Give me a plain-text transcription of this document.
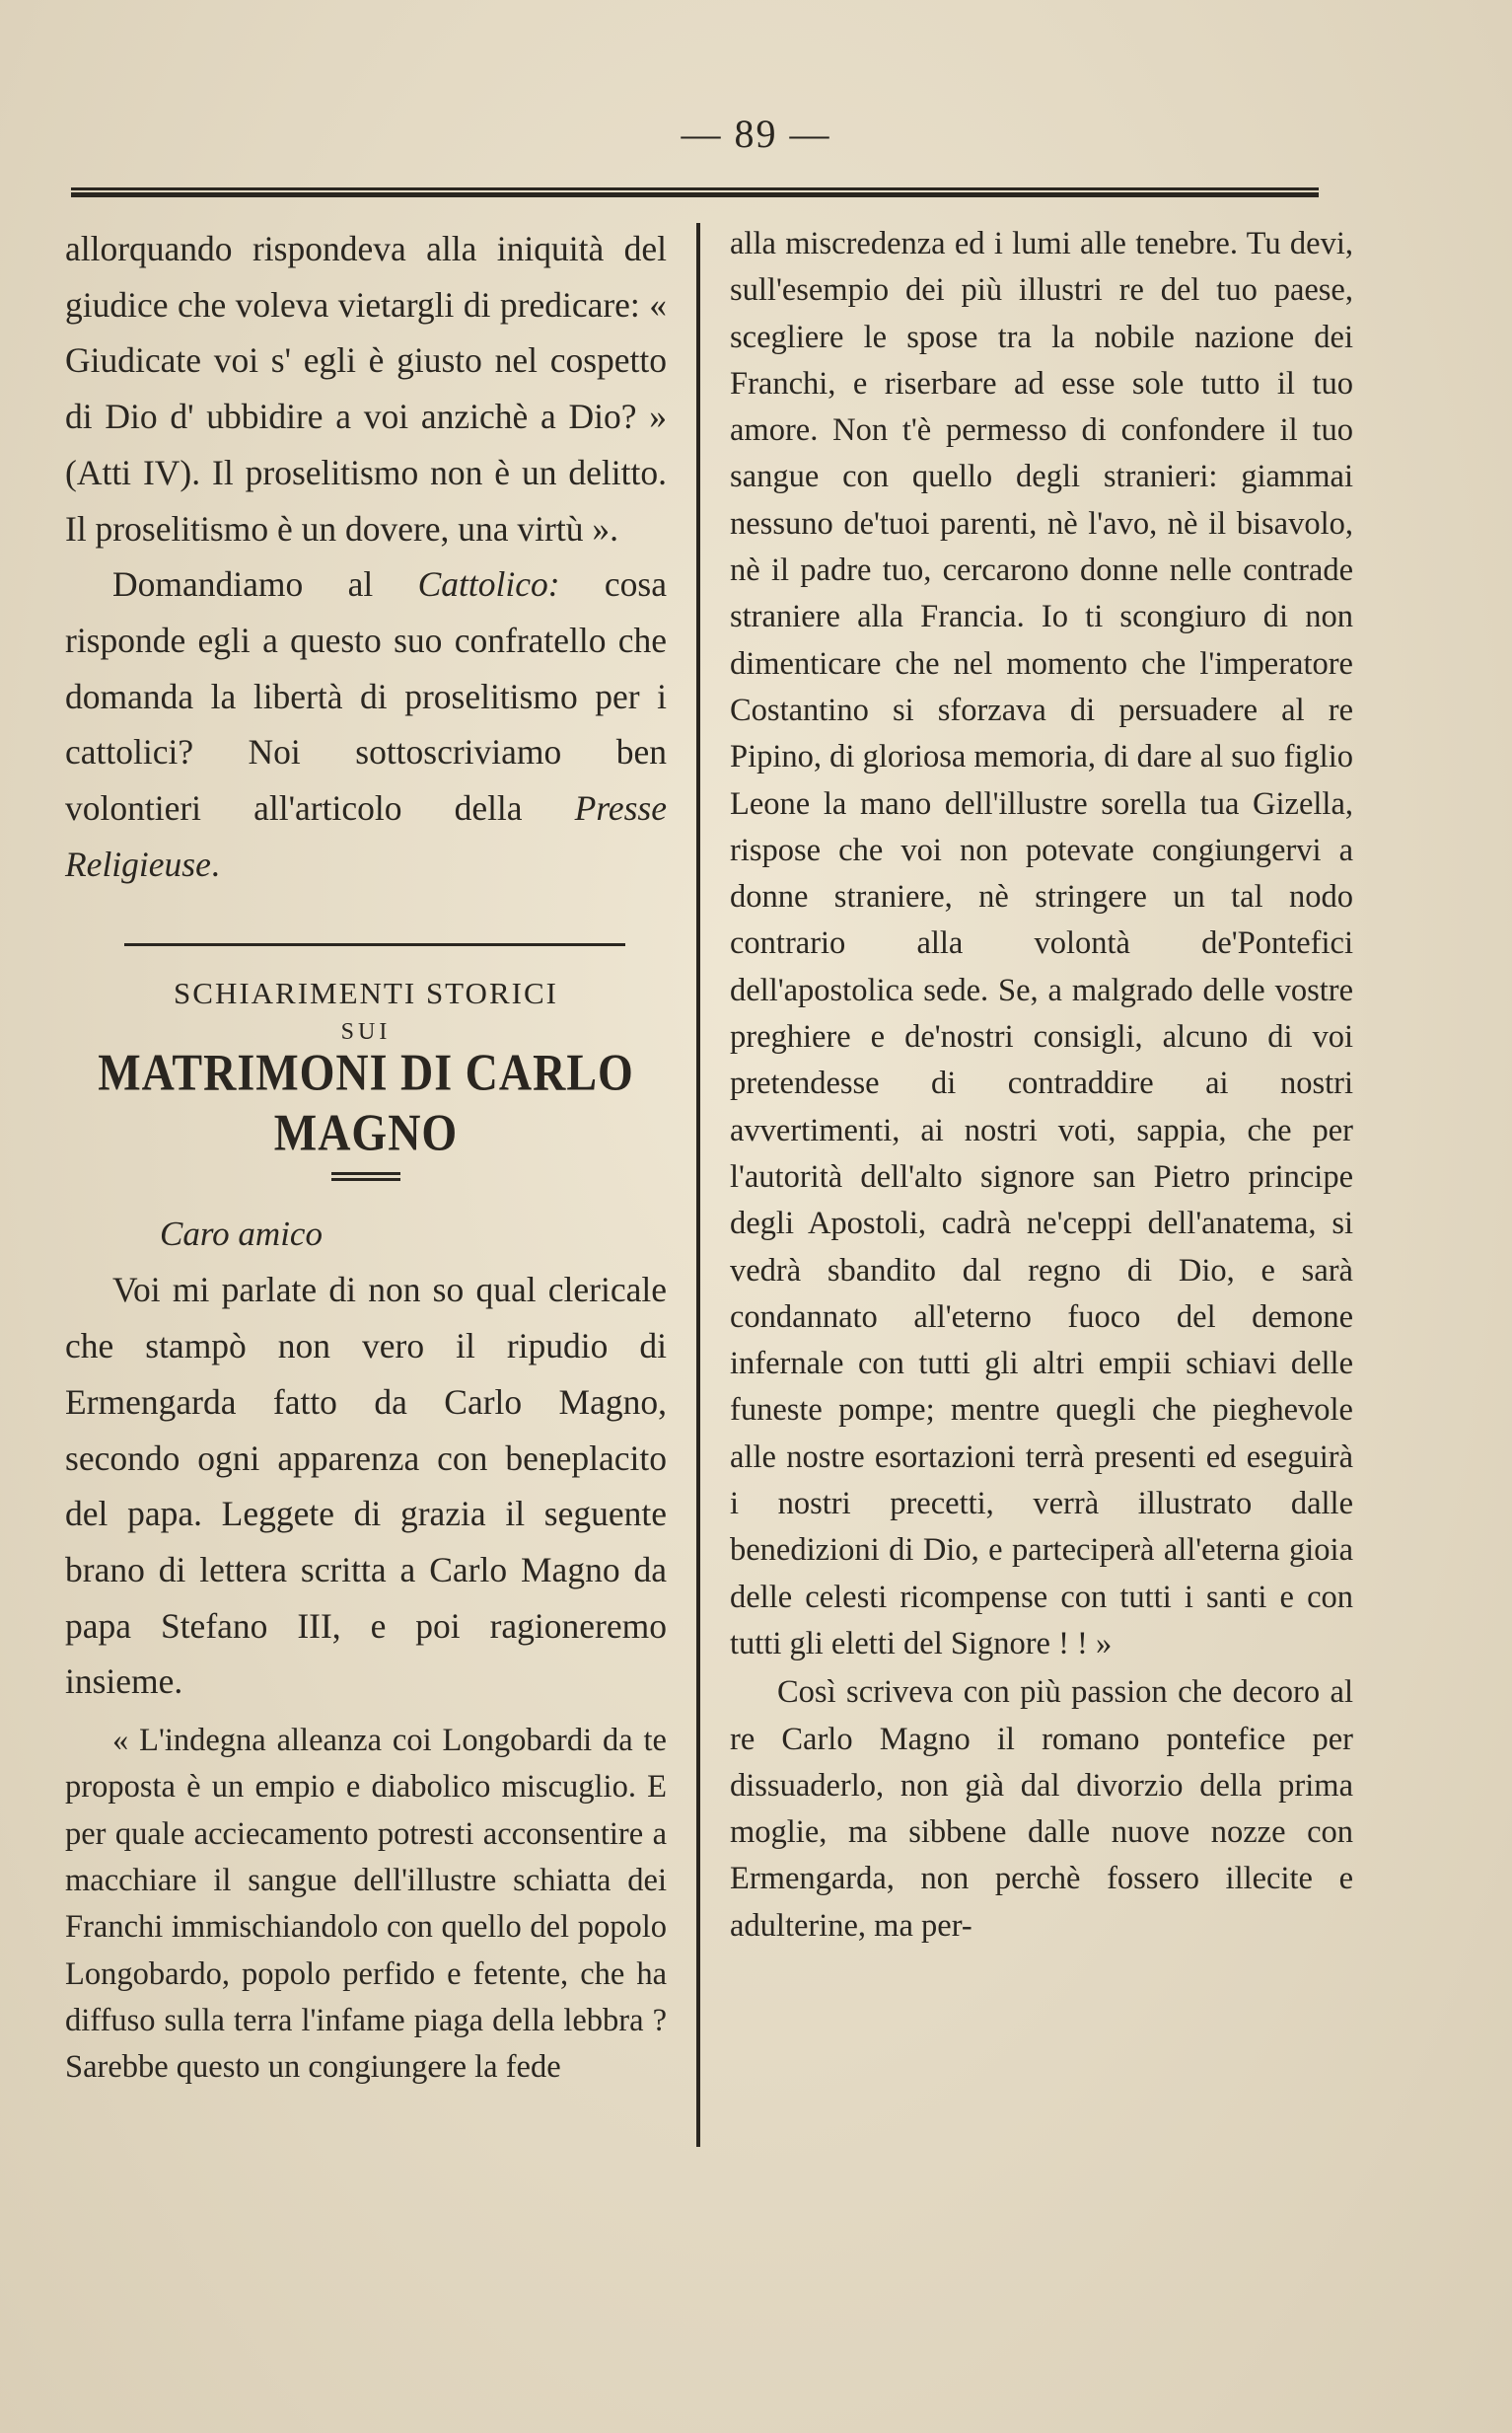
— 89 —

allorquando rispondeva alla iniquità del giudice che voleva vietargli di predicare: « Giudicate voi s' egli è giusto nel cospetto di Dio d' ubbidire a voi anzichè a Dio? » (Atti IV). Il proselitismo non è un delitto. Il proselitismo è un dovere, una virtù ».

Domandiamo al Cattolico: cosa risponde egli a questo suo confratello che domanda la libertà di proselitismo per i cattolici? Noi sottoscriviamo ben volontieri all'articolo della Presse Religieuse.

SCHIARIMENTI STORICI
SUI
MATRIMONI DI CARLO MAGNO
Caro amico

Voi mi parlate di non so qual clericale che stampò non vero il ripudio di Ermengarda fatto da Carlo Magno, secondo ogni apparenza con beneplacito del papa. Leggete di grazia il seguente brano di lettera scritta a Carlo Magno da papa Stefano III, e poi ragioneremo insieme.

« L'indegna alleanza coi Longobardi da te proposta è un empio e diabolico miscuglio. E per quale acciecamento potresti acconsentire a macchiare il sangue dell'illustre schiatta dei Franchi immischiandolo con quello del popolo Longobardo, popolo perfido e fetente, che ha diffuso sulla terra l'infame piaga della lebbra ? Sarebbe questo un congiungere la fede

alla miscredenza ed i lumi alle tenebre. Tu devi, sull'esempio dei più illustri re del tuo paese, scegliere le spose tra la nobile nazione dei Franchi, e riserbare ad esse sole tutto il tuo amore. Non t'è permesso di confondere il tuo sangue con quello degli stranieri: giammai nessuno de'tuoi parenti, nè l'avo, nè il bisavolo, nè il padre tuo, cercarono donne nelle contrade straniere alla Francia. Io ti scongiuro di non dimenticare che nel momento che l'imperatore Costantino si sforzava di persuadere al re Pipino, di gloriosa memoria, di dare al suo figlio Leone la mano dell'illustre sorella tua Gizella, rispose che voi non potevate congiungervi a donne straniere, nè stringere un tal nodo contrario alla volontà de'Pontefici dell'apostolica sede. Se, a malgrado delle vostre preghiere e de'nostri consigli, alcuno di voi pretendesse di contraddire ai nostri avvertimenti, ai nostri voti, sappia, che per l'autorità dell'alto signore san Pietro principe degli Apostoli, cadrà ne'ceppi dell'anatema, si vedrà sbandito dal regno di Dio, e sarà condannato all'eterno fuoco del demone infernale con tutti gli altri empii schiavi delle funeste pompe; mentre quegli che pieghevole alle nostre esortazioni terrà presenti ed eseguirà i nostri precetti, verrà illustrato dalle benedizioni di Dio, e parteciperà all'eterna gioia delle celesti ricompense con tutti i santi e con tutti gli eletti del Signore ! ! »

Così scriveva con più passion che decoro al re Carlo Magno il romano pontefice per dissuaderlo, non già dal divorzio della prima moglie, ma sibbene dalle nuove nozze con Ermengarda, non perchè fossero illecite e adulterine, ma per-
